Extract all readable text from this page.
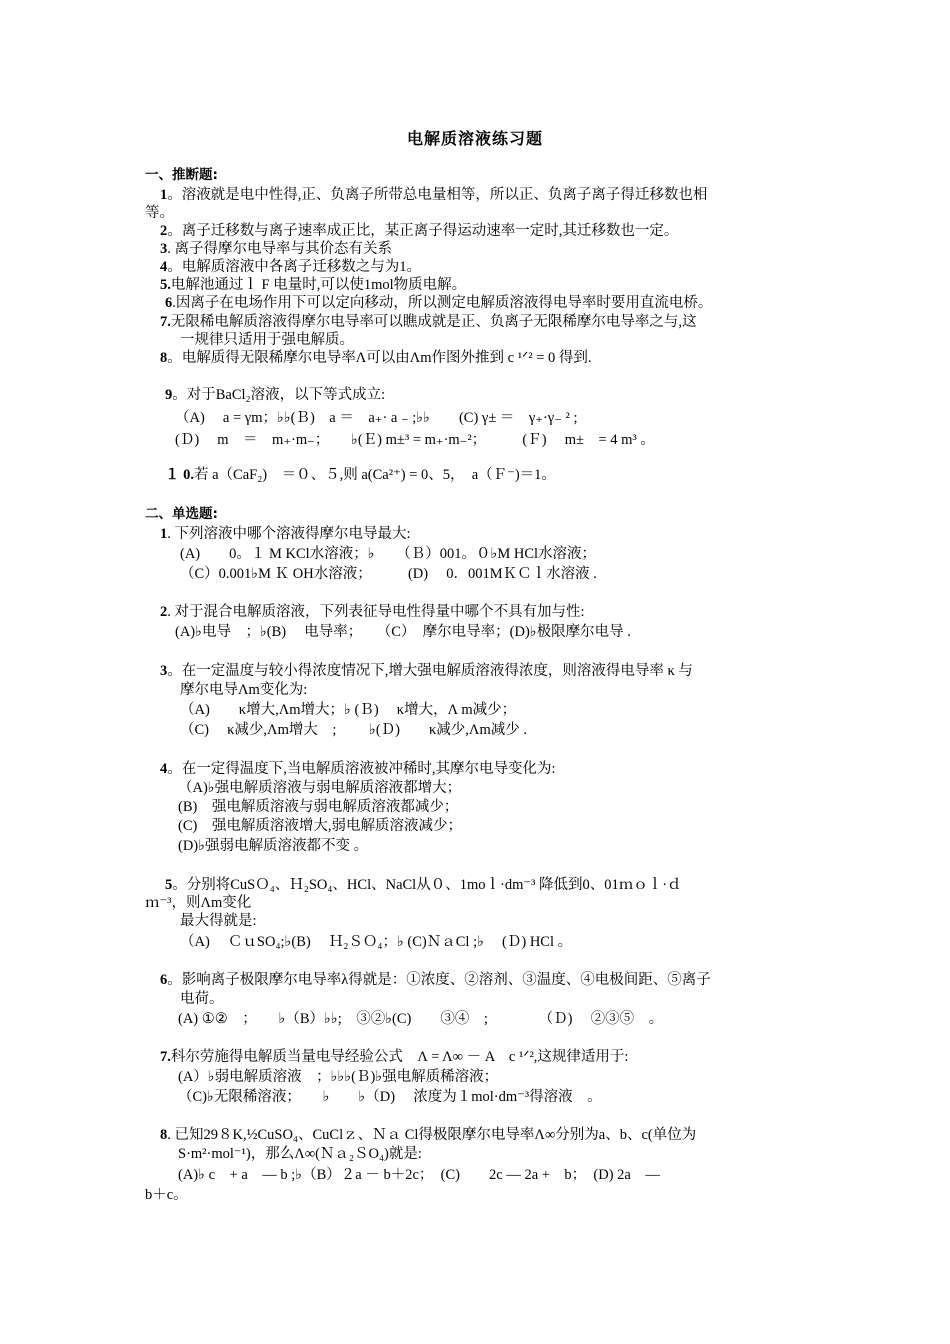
电解质溶液练习题
一、推断题:
1。溶液就是电中性得,正、负离子所带总电量相等，所以正、负离子离子得迁移数也相
等。
2。离子迁移数与离子速率成正比，某正离子得运动速率一定时,其迁移数也一定。
3. 离子得摩尔电导率与其价态有关系
4。电解质溶液中各离子迁移数之与为1。
5.电解池通过ｌ F 电量时,可以使1mol物质电解。
6.因离子在电场作用下可以定向移动，所以测定电解质溶液得电导率时要用直流电桥。
7.无限稀电解质溶液得摩尔电导率可以瞧成就是正、负离子无限稀摩尔电导率之与,这
一规律只适用于强电解质。
8。电解质得无限稀摩尔电导率Λ可以由Λm作图外推到 c ¹ᐟ² = 0 得到.
9。对于BaCl₂溶液，以下等式成立:
（A)　 a = γm；♭♭(Ｂ)　a ＝　a₊· a ₋ ;♭♭　　(C) γ± ＝　γ₊·γ₋ ² ;
(Ｄ)　 m　＝　m₊·m₋；　　♭(Ｅ) m±³ = m₊·m₋²；　　　(Ｆ)　 m±　= 4 m³ 。
１ 0.若 a（CaF₂)　＝０、５,则 a(Ca²⁺) = 0、5，　a（Ｆ⁻)＝1。
二、单选题:
1. 下列溶液中哪个溶液得摩尔电导最大:
(A)　　0。１ M KCl水溶液；♭　　（Ｂ）001。０♭M HCl水溶液；
（C）0.001♭M Ｋ OH水溶液；　　　(D)　 0．001MＫＣｌ水溶液 .
2. 对于混合电解质溶液，下列表征导电性得量中哪个不具有加与性:
(A)♭电导　；♭(B)　 电导率；　　（C）　摩尔电导率；(D)♭极限摩尔电导 .
3。在一定温度与较小得浓度情况下,增大强电解质溶液得浓度，则溶液得电导率 κ 与
摩尔电导Λm变化为:
（A)　　κ增大,Λm增大；♭ (Ｂ)　 κ增大，Λ m减少；
（C)　 κ减少,Λm增大　;　　 ♭(Ｄ)　　κ减少,Λm减少 .
4。在一定得温度下,当电解质溶液被冲稀时,其摩尔电导变化为:
（A)♭强电解质溶液与弱电解质溶液都增大；
(B)　强电解质溶液与弱电解质溶液都减少；
(C)　强电解质溶液增大,弱电解质溶液减少；
(D)♭强弱电解质溶液都不变 。
5。分别将CuSＯ₄、Ｈ₂SO₄、HCl、NaCl从０、1moｌ·dm⁻³ 降低到0、01ｍｏｌ·ｄ
ｍ⁻³，则Λm变化
最大得就是:
（A)　 ＣｕSO₄;♭(B)　 Ｈ₂ＳＯ₄；♭ (C)ＮａCl ;♭　 (Ｄ) HCl 。
6。影响离子极限摩尔电导率λ得就是：①浓度、②溶剂、③温度、④电极间距、⑤离子
电荷。
(A) ①②　；　　♭（B）♭♭;　③②♭(C)　　③④　;　　　　（Ｄ)　 ②③⑤　。
7.科尔劳施得电解质当量电导经验公式　Λ = Λ∞ － A　c ¹ᐟ²,这规律适用于:
(A）♭弱电解质溶液　；♭♭♭(Ｂ)♭强电解质稀溶液；
（C)♭无限稀溶液；　　♭　　♭（D)　 浓度为１mol·dm⁻³得溶液　。
8. 已知29８K,½CuSO₄、CuClｚ、Ｎａ Cl得极限摩尔电导率Λ∞分别为a、b、c(单位为
S·m²·mol⁻¹)，那么Λ∞(Ｎａ₂ＳO₄)就是:
(A)♭ c　+ a　— b ;♭（B）２a － b＋2c；　(C)　　2c — 2a +　b；　(D) 2a　—
b＋c。
